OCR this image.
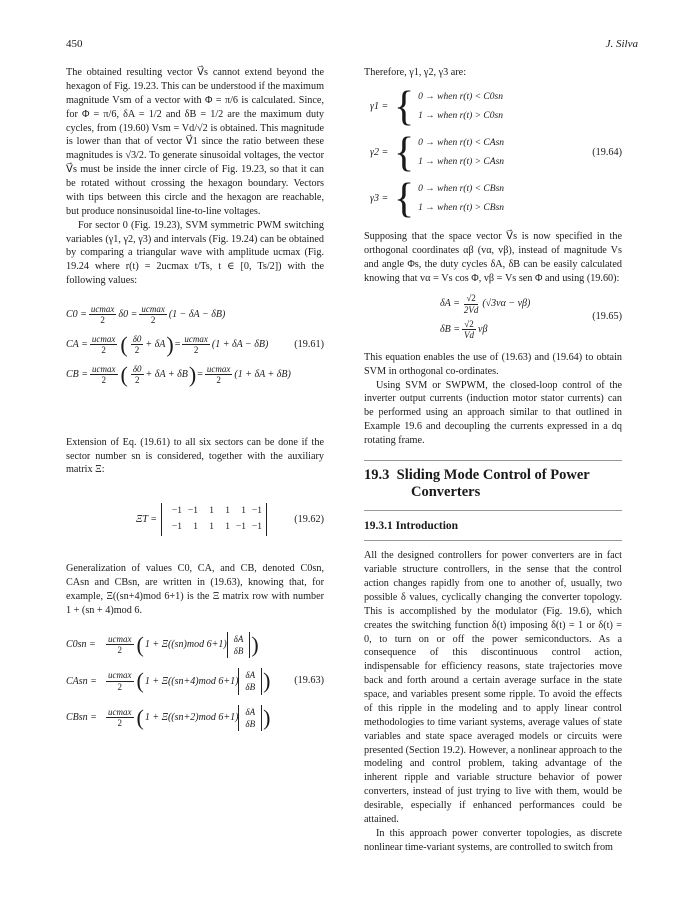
450	J. Silva

The obtained resulting vector V⃗s cannot extend beyond the hexagon of Fig. 19.23. This can be understood if the maximum magnitude Vsm of a vector with Φ = π/6 is calculated. Since, for Φ = π/6, δA = 1/2 and δB = 1/2 are the maximum duty cycles, from (19.60) Vsm = Vd/√2 is obtained. This magnitude is lower than that of vector V⃗1 since the ratio between these magnitudes is √3/2. To generate sinusoidal voltages, the vector V⃗s must be inside the inner circle of Fig. 19.23, so that it can be rotated without crossing the hexagon boundary. Vectors with tips between this circle and the hexagon are reachable, but produce nonsinusoidal line-to-line voltages.

For sector 0 (Fig. 19.23), SVM symmetric PWM switching variables (γ1, γ2, γ3) and intervals (Fig. 19.24) can be obtained by comparing a triangular wave with amplitude ucmax (Fig. 19.24 where r(t) = 2ucmax t/Ts, t ∈ [0, Ts/2]) with the following values:

$C0 = \frac{ucmax}{2} \delta 0 = \frac{ucmax}{2} (1 - \delta A - \delta B)$
CA = $\frac{ucmax}{2}$ ( $\frac{\delta 0}{2} + \delta A$ ) = $\frac{ucmax}{2} (1 + \delta A - \delta B)$
CB = $\frac{ucmax}{2}$ ( $\frac{\delta 0}{2} + \delta A + \delta B$ ) = $\frac{ucmax}{2} (1 + \delta A + \delta B)$
(19.61)

Extension of Eq. (19.61) to all six sectors can be done if the sector number sn is considered, together with the auxiliary matrix Ξ:

ΞT =
−1 −1	1	1	1 −1
−1	1	1	1 −1 −1
(19.62)

Generalization of values C0, CA, and CB, denoted C0sn, CAsn and CBsn, are written in (19.63), knowing that, for example, Ξ((sn+4)mod 6+1) is the Ξ matrix row with number 1 + (sn + 4)mod 6.

C0sn =	$\frac{ucmax}{2}$ ( 1 + Ξ((sn)mod 6+1)
δA
δB )
CAsn =	$\frac{ucmax}{2}$ ( 1 + Ξ((sn+4)mod 6+1)
δA
δB )
CBsn =	$\frac{ucmax}{2}$ ( 1 + Ξ((sn+2)mod 6+1)
δA
δB )
(19.63)

Therefore, γ1, γ2, γ3 are:

γ1 = { 0 → when r(t) < C0sn
1 → when r(t) > C0sn
γ2 = { 0 → when r(t) < CAsn
1 → when r(t) > CAsn
γ3 = { 0 → when r(t) < CBsn
1 → when r(t) > CBsn
(19.64)

Supposing that the space vector V⃗s is now specified in the orthogonal coordinates αβ (vα, vβ), instead of magnitude Vs and angle Φs, the duty cycles δA, δB can be easily calculated knowing that vα = Vs cos Φ, vβ = Vs sen Φ and using (19.60):

$\delta A = \frac{√2}{2Vd} (√3v\alpha - v\beta)$
$\delta B = \frac{√2}{Vd}$ vβ
(19.65)

This equation enables the use of (19.63) and (19.64) to obtain SVM in orthogonal co-ordinates.

Using SVM or SWPWM, the closed-loop control of the inverter output currents (induction motor stator currents) can be performed using an approach similar to that outlined in Example 19.6 and decoupling the currents expressed in a dq rotating frame.

19.3 Sliding Mode Control of Power
Converters
19.3.1 Introduction

All the designed controllers for power converters are in fact variable structure controllers, in the sense that the control action changes rapidly from one to another of, usually, two possible δ values, cyclically changing the converter topology. This is accomplished by the modulator (Fig. 19.6), which creates the switching function δ(t) imposing δ(t) = 1 or δ(t) = 0, to turn on or off the power semiconductors. As a consequence of this discontinuous control action, indispensable for efficiency reasons, state trajectories move back and forth around a certain average surface in the state space, and variables present some ripple. To avoid the effects of this ripple in the modeling and to apply linear control methodologies to time variant systems, average values of state variables and state space averaged models or circuits were presented (Section 19.2). However, a nonlinear approach to the modeling and control problem, taking advantage of the inherent ripple and variable structure behavior of power converters, instead of just trying to live with them, would be desirable, especially if enhanced performances could be attained.

In this approach power converter topologies, as discrete nonlinear time-variant systems, are controlled to switch from
